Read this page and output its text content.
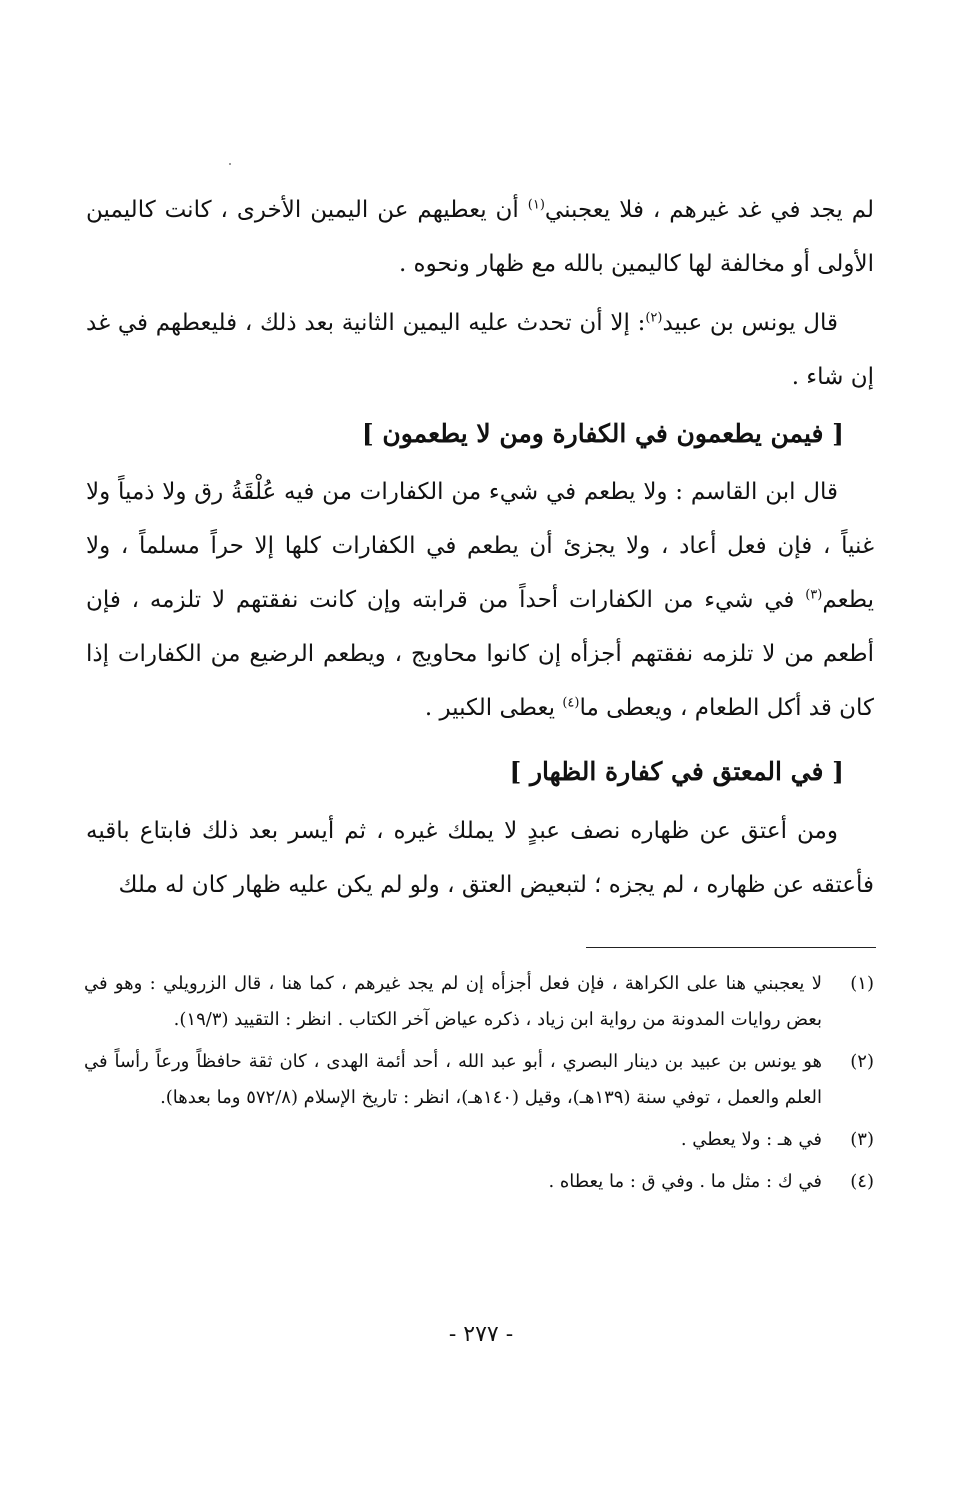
لم يجد في غد غيرهم ، فلا يعجبني$^{(١)}$ أن يعطيهم عن اليمين الأخرى ، كانت كاليمين الأولى أو مخالفة لها كاليمين بالله مع ظهار ونحوه .

قال يونس بن عبيد$^{(٢)}$: إلا أن تحدث عليه اليمين الثانية بعد ذلك ، فليعطهم في غد إن شاء .

[ فيمن يطعمون في الكفارة ومن لا يطعمون ]

قال ابن القاسم : ولا يطعم في شيء من الكفارات من فيه عُلْقَةُ رق ولا ذمياً ولا غنياً ، فإن فعل أعاد ، ولا يجزئ أن يطعم في الكفارات كلها إلا حراً مسلماً ، ولا يطعم$^{(٣)}$ في شيء من الكفارات أحداً من قرابته وإن كانت نفقتهم لا تلزمه ، فإن أطعم من لا تلزمه نفقتهم أجزأه إن كانوا محاويج ، ويطعم الرضيع من الكفارات إذا كان قد أكل الطعام ، ويعطى ما$^{(٤)}$ يعطى الكبير .

[ في المعتق في كفارة الظهار ]

ومن أعتق عن ظهاره نصف عبدٍ لا يملك غيره ، ثم أيسر بعد ذلك فابتاع باقيه فأعتقه عن ظهاره ، لم يجزه ؛ لتبعيض العتق ، ولو لم يكن عليه ظهار كان له ملك

(١)
لا يعجبني هنا على الكراهة ، فإن فعل أجزأه إن لم يجد غيرهم ، كما هنا ، قال الزرويلي : وهو في بعض روايات المدونة من رواية ابن زياد ، ذكره عياض آخر الكتاب . انظر : التقييد (١٩/٣).
(٢)
هو يونس بن عبيد بن دينار البصري ، أبو عبد الله ، أحد أئمة الهدى ، كان ثقة حافظاً ورعاً رأساً في العلم والعمل ، توفي سنة (١٣٩هـ)، وقيل (١٤٠هـ)، انظر : تاريخ الإسلام (٥٧٢/٨ وما بعدها).
(٣)
في هـ : ولا يعطي .
(٤)
في ك : مثل ما . وفي ق : ما يعطاه .
- ٢٧٧ -
